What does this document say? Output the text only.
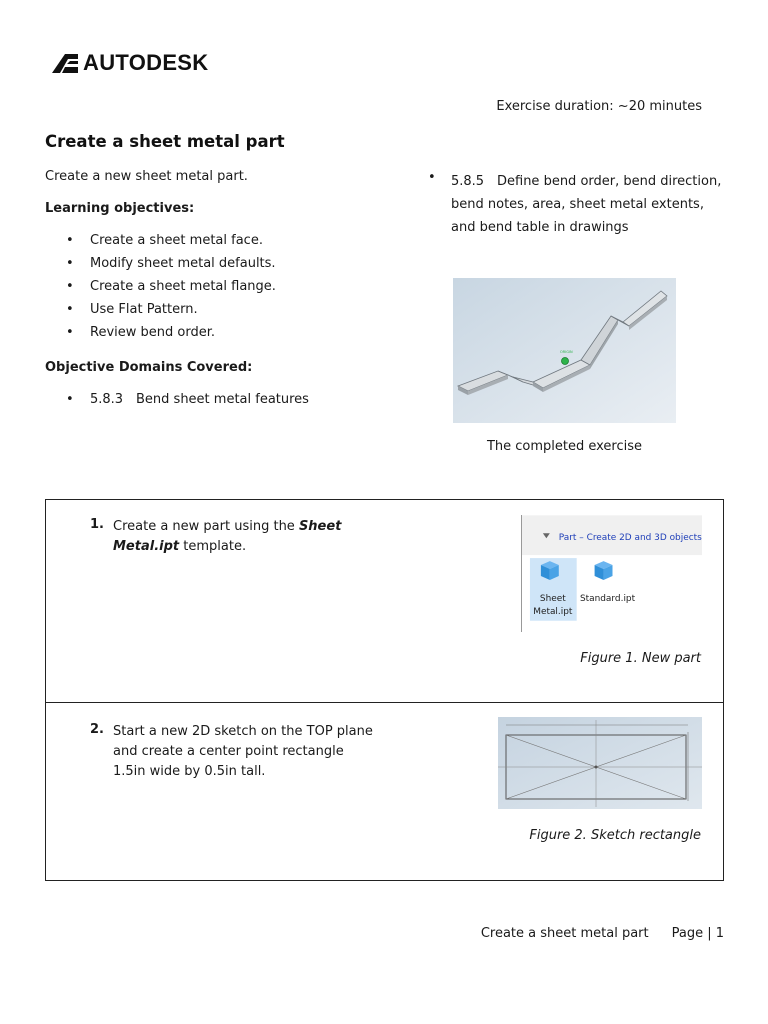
AUTODESK
Exercise duration: ~20 minutes
Create a sheet metal part

Create a new sheet metal part.

Learning objectives:
•	Create a sheet metal face.
•	Modify sheet metal defaults.
•	Create a sheet metal flange.
•	Use Flat Pattern.
•	Review bend order.
Objective Domains Covered:
•	5.8.3 Bend sheet metal features
•	5.8.5 Define bend order, bend direction, bend notes, area, sheet metal extents, and bend table in drawings
ORIGIN
The completed exercise
1. Create a new part using the Sheet Metal.ipt template.
Part – Create 2D and 3D objects
Sheet
Metal.ipt
Standard.ipt
Figure 1. New part
2. Start a new 2D sketch on the TOP plane and create a center point rectangle 1.5in wide by 0.5in tall.
Figure 2. Sketch rectangle
Create a sheet metal part Page | 1
